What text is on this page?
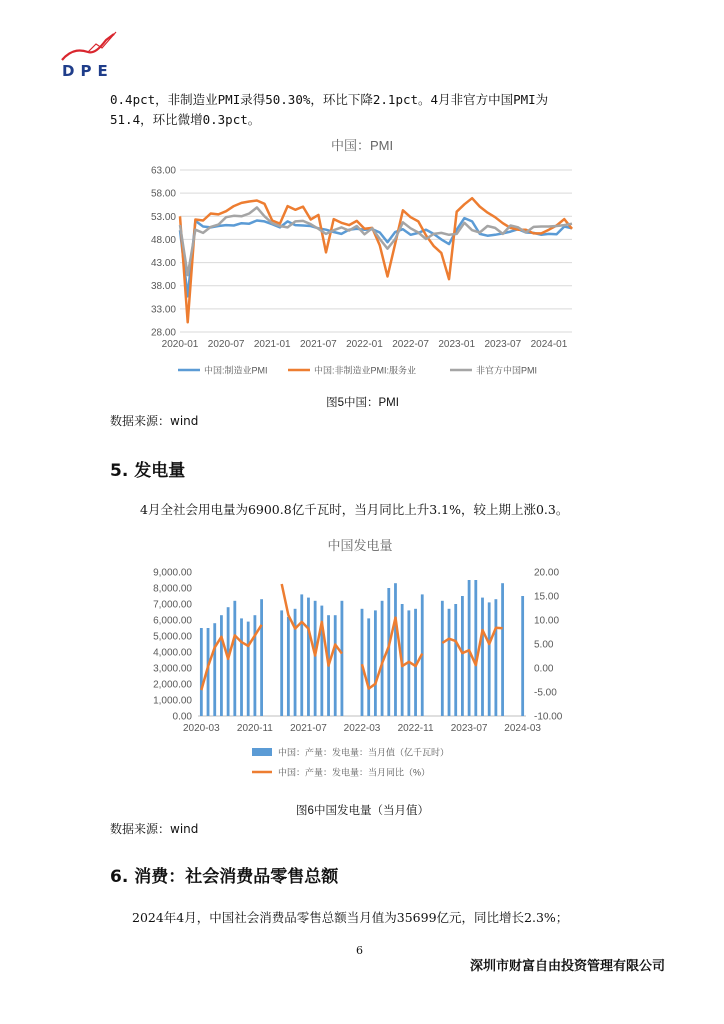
DPE
0.4pct，非制造业PMI录得50.30%，环比下降2.1pct。4月非官方中国PMI为
51.4，环比微增0.3pct。
中国：PMI
28.00
33.00
38.00
43.00
48.00
53.00
58.00
63.00
2020-01 2020-07 2021-01 2021-07 2022-01 2022-07 2023-01 2023-07 2024-01
中国:制造业PMI	中国:非制造业PMI:服务业	非官方中国PMI
图5中国：PMI
数据来源：wind
5. 发电量
4月全社会用电量为6900.8亿千瓦时，当月同比上升3.1%，较上期上涨0.3。
中国发电量
0.00
1,000.00
2,000.00
3,000.00
4,000.00
5,000.00
6,000.00
7,000.00
8,000.00
9,000.00
-10.00
-5.00
0.00
5.00
10.00
15.00
20.00
2020-03 2020-11 2021-07 2022-03 2022-11 2023-07 2024-03
中国：产量：发电量：当月值（亿千瓦时）
中国：产量：发电量：当月同比（%）
图6中国发电量（当月值）
数据来源：wind
6. 消费：社会消费品零售总额
2024年4月，中国社会消费品零售总额当月值为35699亿元，同比增长2.3%；
6
深圳市财富自由投资管理有限公司
